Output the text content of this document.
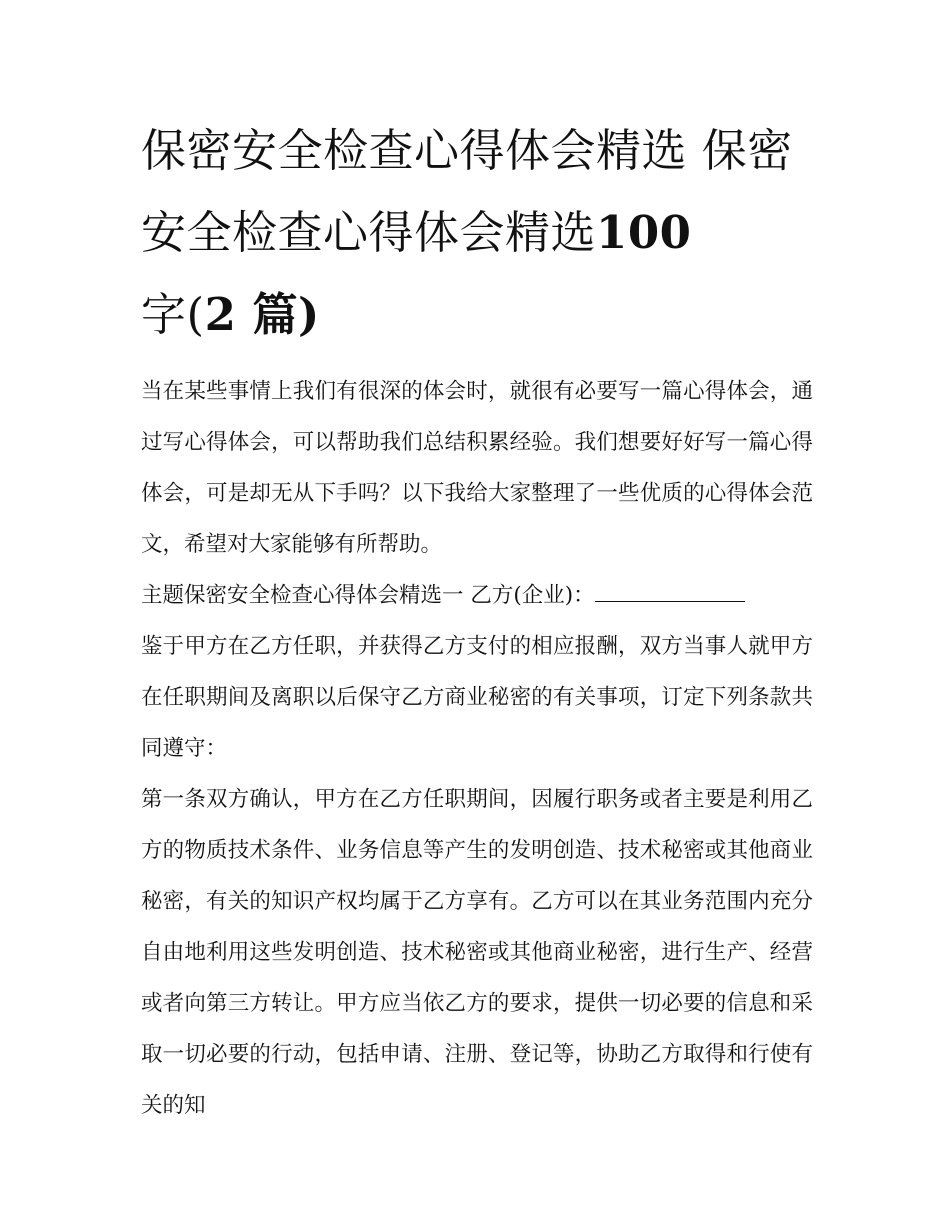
保密安全检查心得体会精选 保密安全检查心得体会精选100
字(2 篇)

当在某些事情上我们有很深的体会时，就很有必要写一篇心得体会，通过写心得体会，可以帮助我们总结积累经验。我们想要好好写一篇心得体会，可是却无从下手吗？以下我给大家整理了一些优质的心得体会范文，希望对大家能够有所帮助。

主题保密安全检查心得体会精选一 乙方(企业)：

鉴于甲方在乙方任职，并获得乙方支付的相应报酬，双方当事人就甲方在任职期间及离职以后保守乙方商业秘密的有关事项，订定下列条款共同遵守：

第一条双方确认，甲方在乙方任职期间，因履行职务或者主要是利用乙方的物质技术条件、业务信息等产生的发明创造、技术秘密或其他商业秘密，有关的知识产权均属于乙方享有。乙方可以在其业务范围内充分自由地利用这些发明创造、技术秘密或其他商业秘密，进行生产、经营或者向第三方转让。甲方应当依乙方的要求，提供一切必要的信息和采取一切必要的行动，包括申请、注册、登记等，协助乙方取得和行使有关的知
